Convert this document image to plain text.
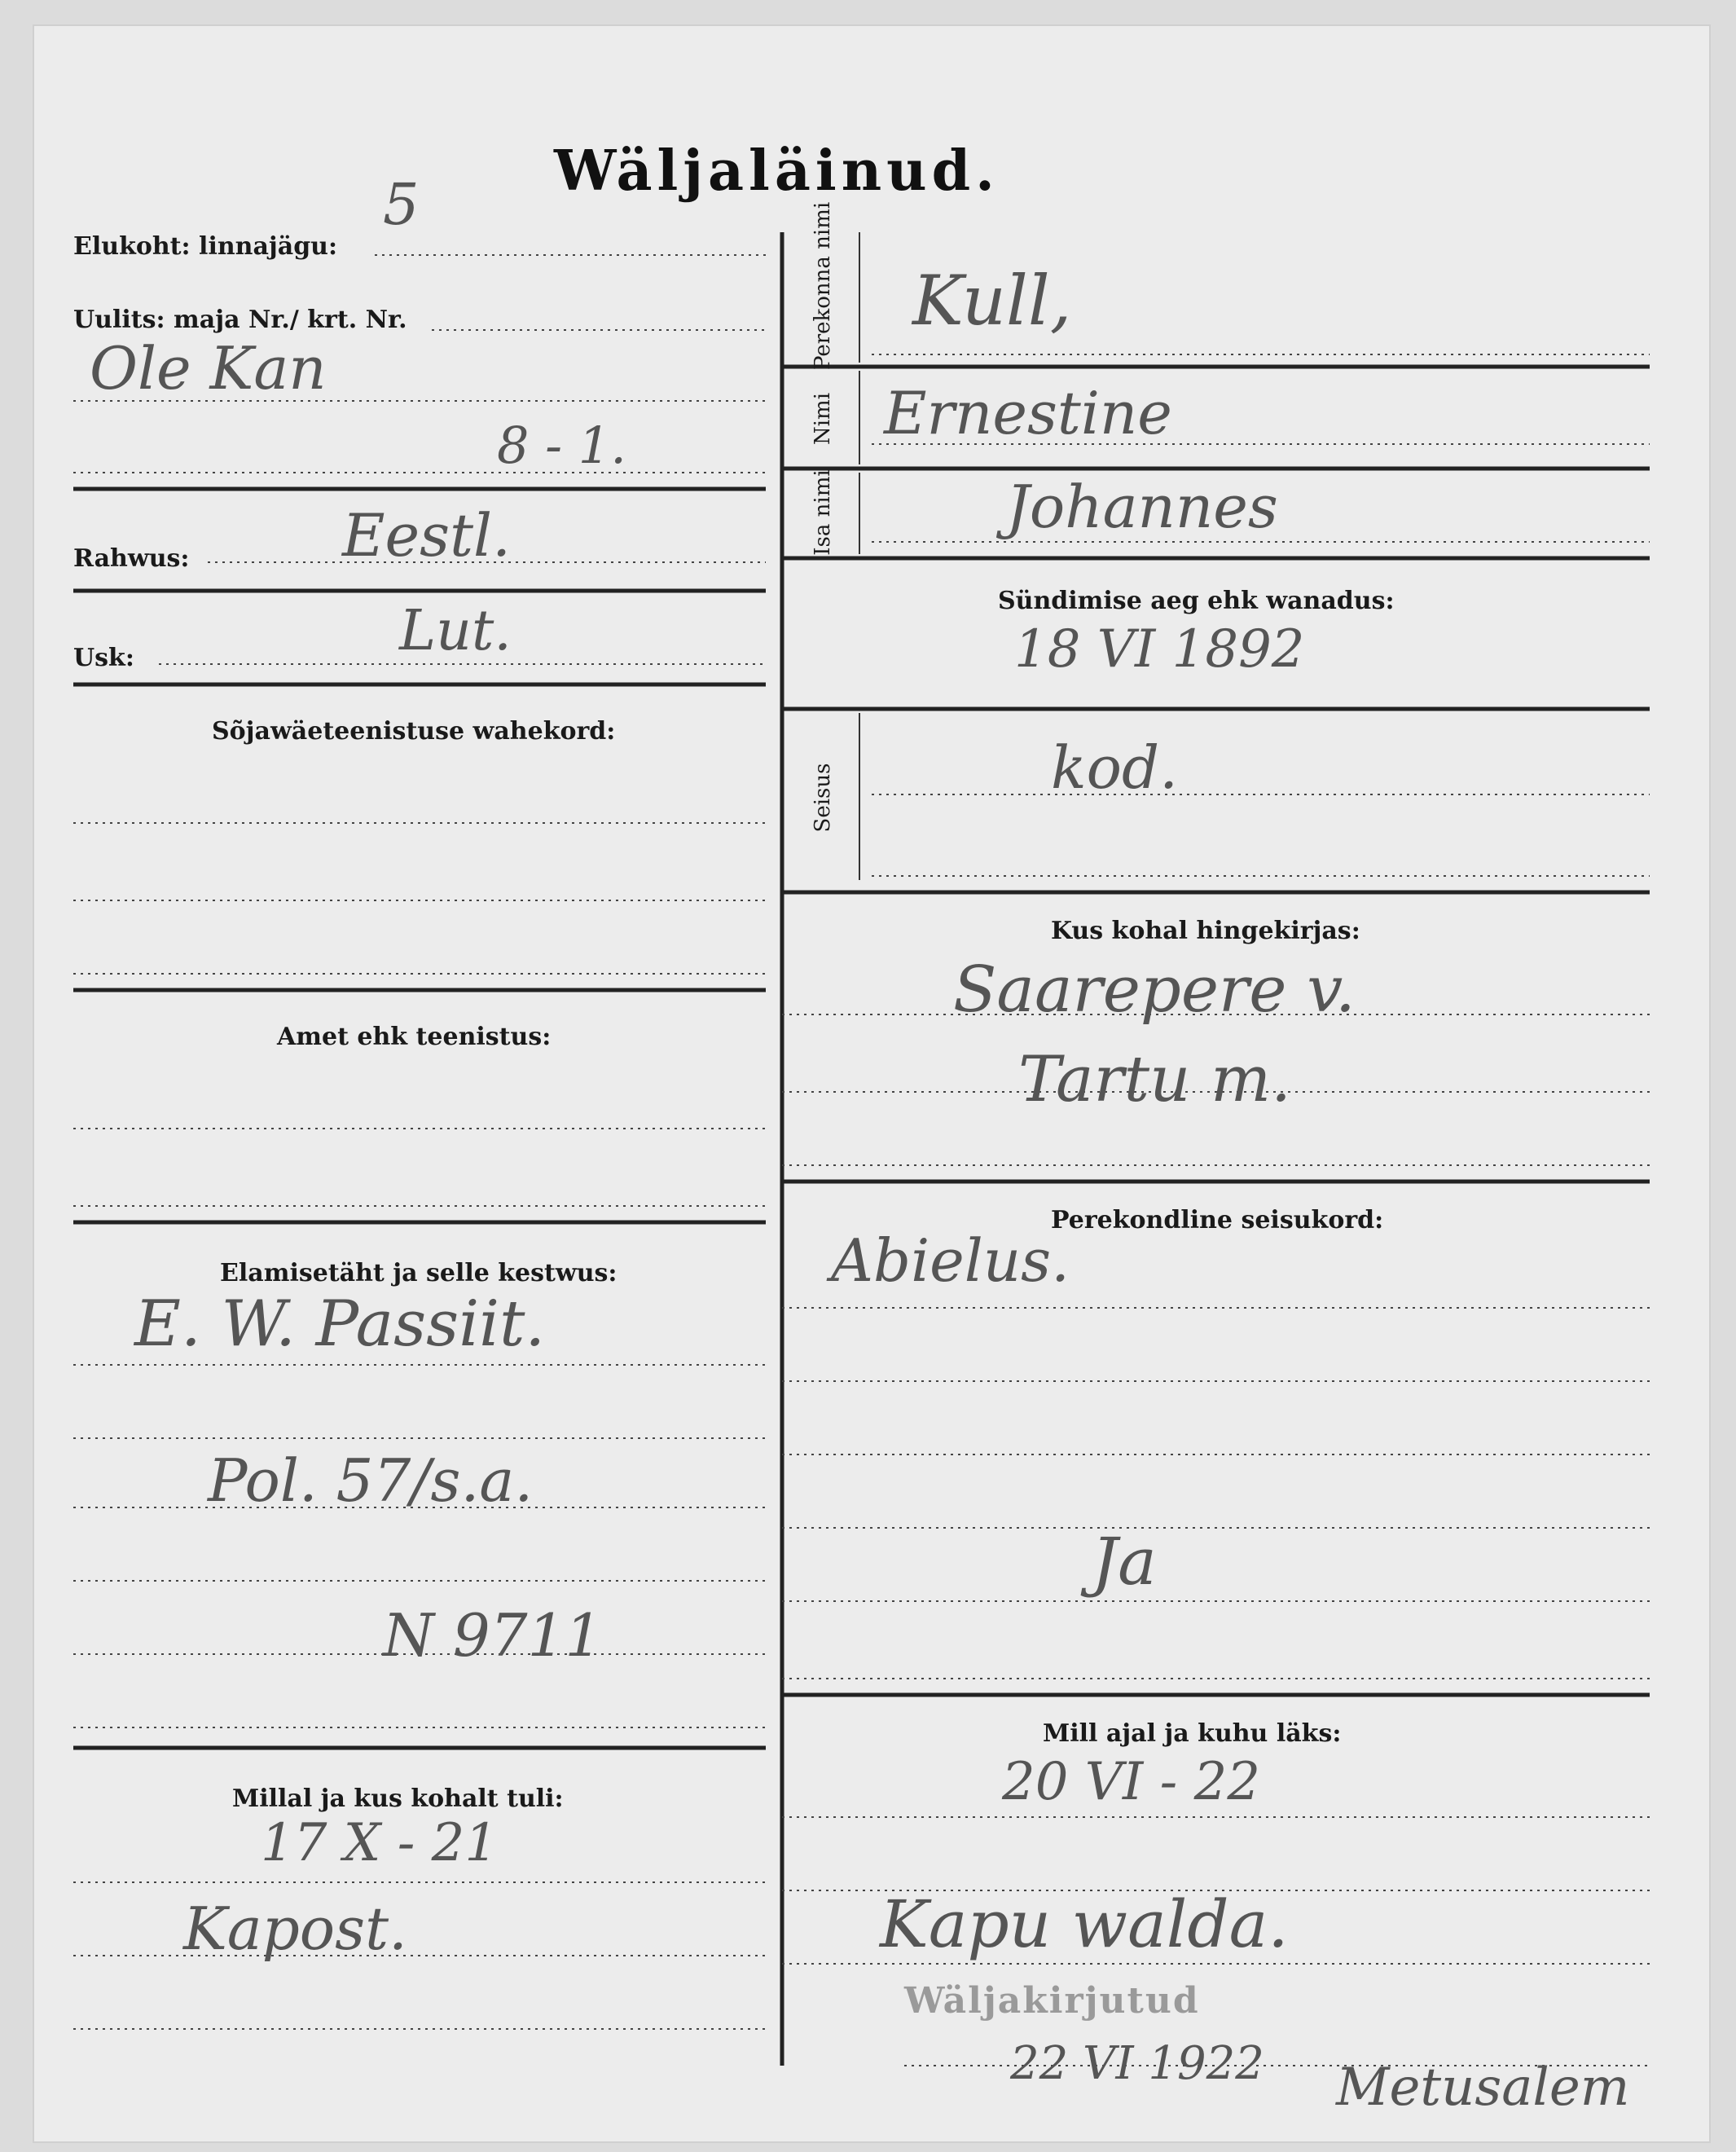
Wäljaläinud.
Elukoht: linnajägu:
Uulits: maja Nr./ krt. Nr.
Rahwus:
Usk:
Sõjawäeteenistuse wahekord:
Amet ehk teenistus:
Elamisetäht ja selle kestwus:
Millal ja kus kohalt tuli:
Perekonna nimi
Nimi
Isa nimi
Seisus
Sündimise aeg ehk wanadus:
Kus kohal hingekirjas:
Perekondline seisukord:
Mill ajal ja kuhu läks:
5
Ole Kan
8 - 1.
Eestl.
Lut.
E. W. Passiit.
Pol. 57/s.a.
N 9711
17 X - 21
Kapost.
Kull,
Ernestine
Johannes
18 VI 1892
kod.
Saarepere v.
Tartu m.
Abielus.
Ja
20 VI - 22
Kapu walda.
Wäljakirjutud
22 VI 1922 Metusalem
